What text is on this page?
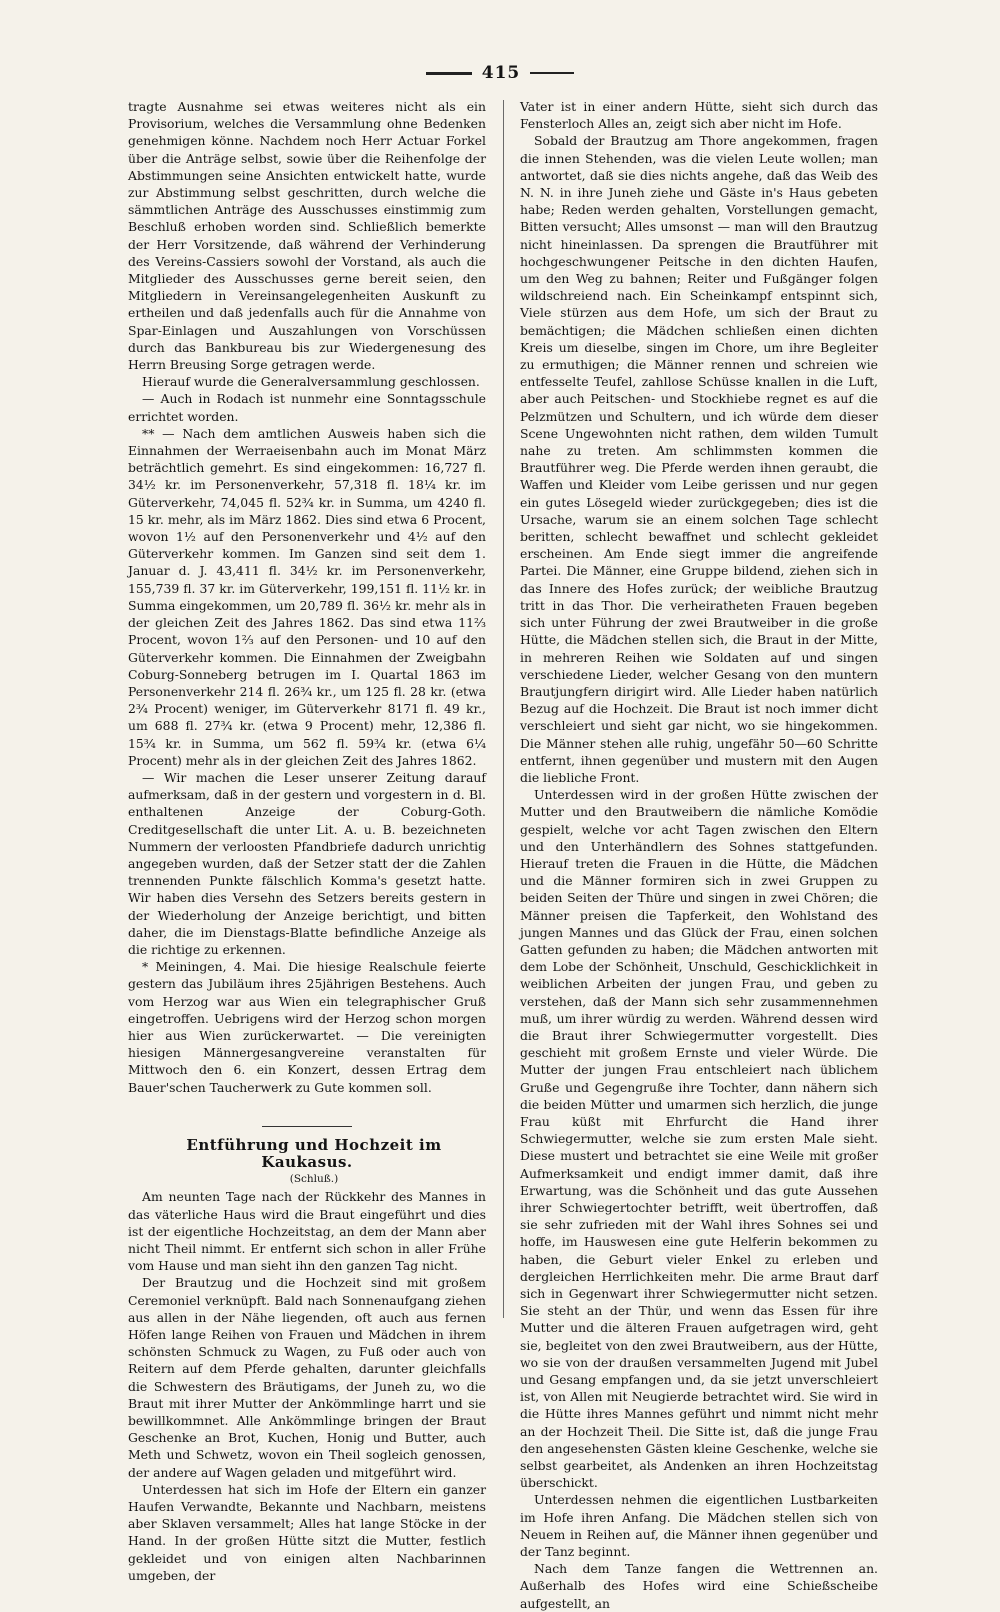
415

tragte Ausnahme sei etwas weiteres nicht als ein Provisorium, welches die Versammlung ohne Bedenken genehmigen könne. Nachdem noch Herr Actuar Forkel über die Anträge selbst, sowie über die Reihenfolge der Abstimmungen seine Ansichten entwickelt hatte, wurde zur Abstimmung selbst geschritten, durch welche die sämmtlichen Anträge des Ausschusses einstimmig zum Beschluß erhoben worden sind. Schließlich bemerkte der Herr Vorsitzende, daß während der Verhinderung des Vereins-Cassiers sowohl der Vorstand, als auch die Mitglieder des Ausschusses gerne bereit seien, den Mitgliedern in Vereinsangelegenheiten Auskunft zu ertheilen und daß jedenfalls auch für die Annahme von Spar-Einlagen und Auszahlungen von Vorschüssen durch das Bankbureau bis zur Wiedergenesung des Herrn Breusing Sorge getragen werde.

Hierauf wurde die Generalversammlung geschlossen.

— Auch in Rodach ist nunmehr eine Sonntagsschule errichtet worden.

** — Nach dem amtlichen Ausweis haben sich die Einnahmen der Werraeisenbahn auch im Monat März beträchtlich gemehrt. Es sind eingekommen: 16,727 fl. 34½ kr. im Personenverkehr, 57,318 fl. 18¼ kr. im Güterverkehr, 74,045 fl. 52¾ kr. in Summa, um 4240 fl. 15 kr. mehr, als im März 1862. Dies sind etwa 6 Procent, wovon 1½ auf den Personenverkehr und 4½ auf den Güterverkehr kommen. Im Ganzen sind seit dem 1. Januar d. J. 43,411 fl. 34½ kr. im Personenverkehr, 155,739 fl. 37 kr. im Güterverkehr, 199,151 fl. 11½ kr. in Summa eingekommen, um 20,789 fl. 36½ kr. mehr als in der gleichen Zeit des Jahres 1862. Das sind etwa 11⅔ Procent, wovon 1⅔ auf den Personen- und 10 auf den Güterverkehr kommen. Die Einnahmen der Zweigbahn Coburg-Sonneberg betrugen im I. Quartal 1863 im Personenverkehr 214 fl. 26¾ kr., um 125 fl. 28 kr. (etwa 2¾ Procent) weniger, im Güterverkehr 8171 fl. 49 kr., um 688 fl. 27¾ kr. (etwa 9 Procent) mehr, 12,386 fl. 15¾ kr. in Summa, um 562 fl. 59¾ kr. (etwa 6¼ Procent) mehr als in der gleichen Zeit des Jahres 1862.

— Wir machen die Leser unserer Zeitung darauf aufmerksam, daß in der gestern und vorgestern in d. Bl. enthaltenen Anzeige der Coburg-Goth. Creditgesellschaft die unter Lit. A. u. B. bezeichneten Nummern der verloosten Pfandbriefe dadurch unrichtig angegeben wurden, daß der Setzer statt der die Zahlen trennenden Punkte fälschlich Komma's gesetzt hatte. Wir haben dies Versehn des Setzers bereits gestern in der Wiederholung der Anzeige berichtigt, und bitten daher, die im Dienstags-Blatte befindliche Anzeige als die richtige zu erkennen.

* Meiningen, 4. Mai. Die hiesige Realschule feierte gestern das Jubiläum ihres 25jährigen Bestehens. Auch vom Herzog war aus Wien ein telegraphischer Gruß eingetroffen. Uebrigens wird der Herzog schon morgen hier aus Wien zurückerwartet. — Die vereinigten hiesigen Männergesangvereine veranstalten für Mittwoch den 6. ein Konzert, dessen Ertrag dem Bauer'schen Taucherwerk zu Gute kommen soll.

Entführung und Hochzeit im Kaukasus.

(Schluß.)

Am neunten Tage nach der Rückkehr des Mannes in das väterliche Haus wird die Braut eingeführt und dies ist der eigentliche Hochzeitstag, an dem der Mann aber nicht Theil nimmt. Er entfernt sich schon in aller Frühe vom Hause und man sieht ihn den ganzen Tag nicht.

Der Brautzug und die Hochzeit sind mit großem Ceremoniel verknüpft. Bald nach Sonnenaufgang ziehen aus allen in der Nähe liegenden, oft auch aus fernen Höfen lange Reihen von Frauen und Mädchen in ihrem schönsten Schmuck zu Wagen, zu Fuß oder auch von Reitern auf dem Pferde gehalten, darunter gleichfalls die Schwestern des Bräutigams, der Juneh zu, wo die Braut mit ihrer Mutter der Ankömmlinge harrt und sie bewillkommnet. Alle Ankömmlinge bringen der Braut Geschenke an Brot, Kuchen, Honig und Butter, auch Meth und Schwetz, wovon ein Theil sogleich genossen, der andere auf Wagen geladen und mitgeführt wird.

Unterdessen hat sich im Hofe der Eltern ein ganzer Haufen Verwandte, Bekannte und Nachbarn, meistens aber Sklaven versammelt; Alles hat lange Stöcke in der Hand. In der großen Hütte sitzt die Mutter, festlich gekleidet und von einigen alten Nachbarinnen umgeben, der

Vater ist in einer andern Hütte, sieht sich durch das Fensterloch Alles an, zeigt sich aber nicht im Hofe.

Sobald der Brautzug am Thore angekommen, fragen die innen Stehenden, was die vielen Leute wollen; man antwortet, daß sie dies nichts angehe, daß das Weib des N. N. in ihre Juneh ziehe und Gäste in's Haus gebeten habe; Reden werden gehalten, Vorstellungen gemacht, Bitten versucht; Alles umsonst — man will den Brautzug nicht hineinlassen. Da sprengen die Brautführer mit hochgeschwungener Peitsche in den dichten Haufen, um den Weg zu bahnen; Reiter und Fußgänger folgen wildschreiend nach. Ein Scheinkampf entspinnt sich, Viele stürzen aus dem Hofe, um sich der Braut zu bemächtigen; die Mädchen schließen einen dichten Kreis um dieselbe, singen im Chore, um ihre Begleiter zu ermuthigen; die Männer rennen und schreien wie entfesselte Teufel, zahllose Schüsse knallen in die Luft, aber auch Peitschen- und Stockhiebe regnet es auf die Pelzmützen und Schultern, und ich würde dem dieser Scene Ungewohnten nicht rathen, dem wilden Tumult nahe zu treten. Am schlimmsten kommen die Brautführer weg. Die Pferde werden ihnen geraubt, die Waffen und Kleider vom Leibe gerissen und nur gegen ein gutes Lösegeld wieder zurückgegeben; dies ist die Ursache, warum sie an einem solchen Tage schlecht beritten, schlecht bewaffnet und schlecht gekleidet erscheinen. Am Ende siegt immer die angreifende Partei. Die Männer, eine Gruppe bildend, ziehen sich in das Innere des Hofes zurück; der weibliche Brautzug tritt in das Thor. Die verheiratheten Frauen begeben sich unter Führung der zwei Brautweiber in die große Hütte, die Mädchen stellen sich, die Braut in der Mitte, in mehreren Reihen wie Soldaten auf und singen verschiedene Lieder, welcher Gesang von den muntern Brautjungfern dirigirt wird. Alle Lieder haben natürlich Bezug auf die Hochzeit. Die Braut ist noch immer dicht verschleiert und sieht gar nicht, wo sie hingekommen. Die Männer stehen alle ruhig, ungefähr 50—60 Schritte entfernt, ihnen gegenüber und mustern mit den Augen die liebliche Front.

Unterdessen wird in der großen Hütte zwischen der Mutter und den Brautweibern die nämliche Komödie gespielt, welche vor acht Tagen zwischen den Eltern und den Unterhändlern des Sohnes stattgefunden. Hierauf treten die Frauen in die Hütte, die Mädchen und die Männer formiren sich in zwei Gruppen zu beiden Seiten der Thüre und singen in zwei Chören; die Männer preisen die Tapferkeit, den Wohlstand des jungen Mannes und das Glück der Frau, einen solchen Gatten gefunden zu haben; die Mädchen antworten mit dem Lobe der Schönheit, Unschuld, Geschicklichkeit in weiblichen Arbeiten der jungen Frau, und geben zu verstehen, daß der Mann sich sehr zusammennehmen muß, um ihrer würdig zu werden. Während dessen wird die Braut ihrer Schwiegermutter vorgestellt. Dies geschieht mit großem Ernste und vieler Würde. Die Mutter der jungen Frau entschleiert nach üblichem Gruße und Gegengruße ihre Tochter, dann nähern sich die beiden Mütter und umarmen sich herzlich, die junge Frau küßt mit Ehrfurcht die Hand ihrer Schwiegermutter, welche sie zum ersten Male sieht. Diese mustert und betrachtet sie eine Weile mit großer Aufmerksamkeit und endigt immer damit, daß ihre Erwartung, was die Schönheit und das gute Aussehen ihrer Schwiegertochter betrifft, weit übertroffen, daß sie sehr zufrieden mit der Wahl ihres Sohnes sei und hoffe, im Hauswesen eine gute Helferin bekommen zu haben, die Geburt vieler Enkel zu erleben und dergleichen Herrlichkeiten mehr. Die arme Braut darf sich in Gegenwart ihrer Schwiegermutter nicht setzen. Sie steht an der Thür, und wenn das Essen für ihre Mutter und die älteren Frauen aufgetragen wird, geht sie, begleitet von den zwei Brautweibern, aus der Hütte, wo sie von der draußen versammelten Jugend mit Jubel und Gesang empfangen und, da sie jetzt unverschleiert ist, von Allen mit Neugierde betrachtet wird. Sie wird in die Hütte ihres Mannes geführt und nimmt nicht mehr an der Hochzeit Theil. Die Sitte ist, daß die junge Frau den angesehensten Gästen kleine Geschenke, welche sie selbst gearbeitet, als Andenken an ihren Hochzeitstag überschickt.

Unterdessen nehmen die eigentlichen Lustbarkeiten im Hofe ihren Anfang. Die Mädchen stellen sich von Neuem in Reihen auf, die Männer ihnen gegenüber und der Tanz beginnt.

Nach dem Tanze fangen die Wettrennen an. Außerhalb des Hofes wird eine Schießscheibe aufgestellt, an
